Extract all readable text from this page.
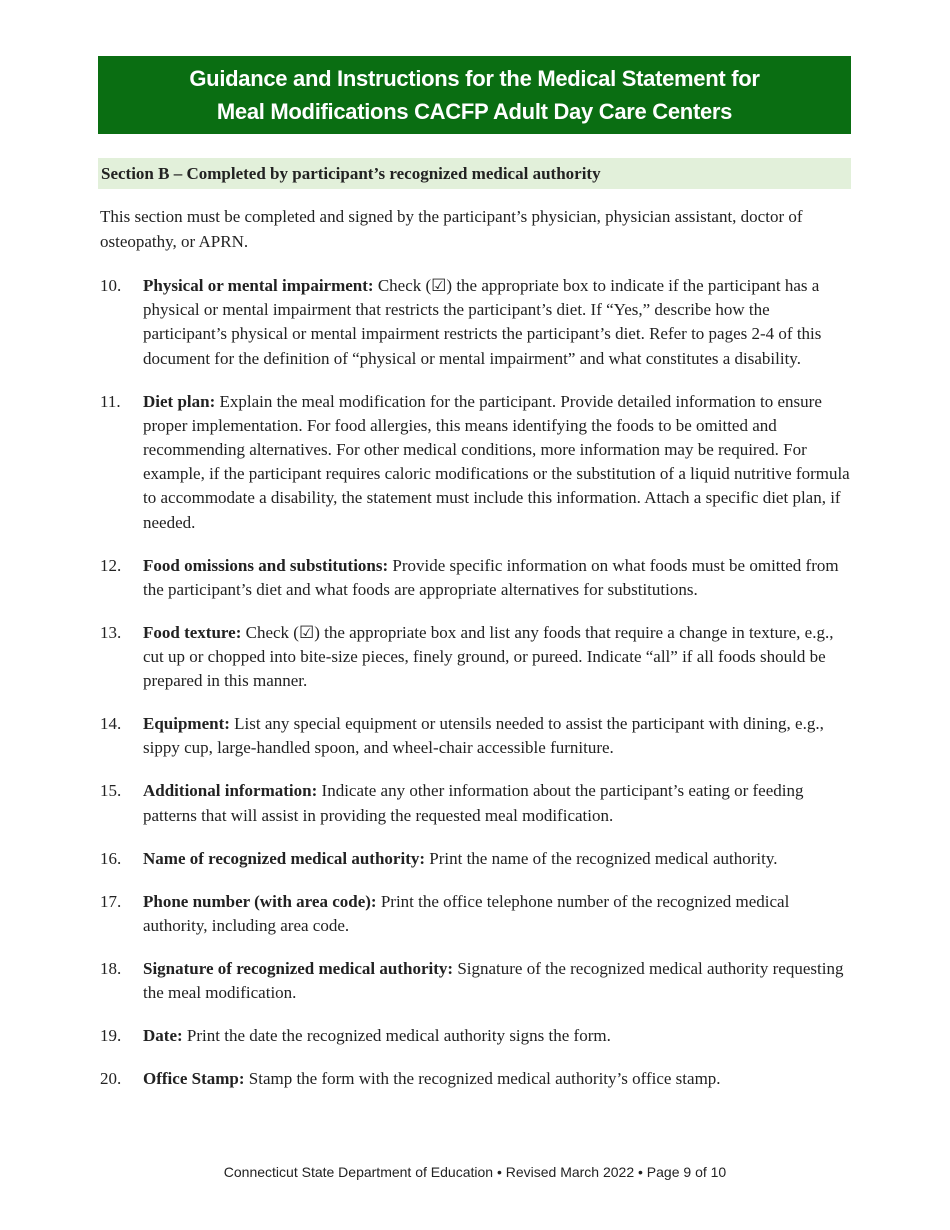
Guidance and Instructions for the Medical Statement for
Meal Modifications CACFP Adult Day Care Centers
Section B – Completed by participant’s recognized medical authority

This section must be completed and signed by the participant’s physician, physician assistant, doctor of osteopathy, or APRN.

10.	Physical or mental impairment: Check (☑) the appropriate box to indicate if the participant has a physical or mental impairment that restricts the participant’s diet. If “Yes,” describe how the participant’s physical or mental impairment restricts the participant’s diet. Refer to pages 2-4 of this document for the definition of “physical or mental impairment” and what constitutes a disability.
11.	Diet plan: Explain the meal modification for the participant. Provide detailed information to ensure proper implementation. For food allergies, this means identifying the foods to be omitted and recommending alternatives. For other medical conditions, more information may be required. For example, if the participant requires caloric modifications or the substitution of a liquid nutritive formula to accommodate a disability, the statement must include this information. Attach a specific diet plan, if needed.
12.	Food omissions and substitutions: Provide specific information on what foods must be omitted from the participant’s diet and what foods are appropriate alternatives for substitutions.
13.	Food texture: Check (☑) the appropriate box and list any foods that require a change in texture, e.g., cut up or chopped into bite-size pieces, finely ground, or pureed. Indicate “all” if all foods should be prepared in this manner.
14.	Equipment: List any special equipment or utensils needed to assist the participant with dining, e.g., sippy cup, large-handled spoon, and wheel-chair accessible furniture.
15.	Additional information: Indicate any other information about the participant’s eating or feeding patterns that will assist in providing the requested meal modification.
16.	Name of recognized medical authority: Print the name of the recognized medical authority.
17.	Phone number (with area code): Print the office telephone number of the recognized medical authority, including area code.
18.	Signature of recognized medical authority: Signature of the recognized medical authority requesting the meal modification.
19.	Date: Print the date the recognized medical authority signs the form.
20.	Office Stamp: Stamp the form with the recognized medical authority’s office stamp.
Connecticut State Department of Education • Revised March 2022 • Page 9 of 10
